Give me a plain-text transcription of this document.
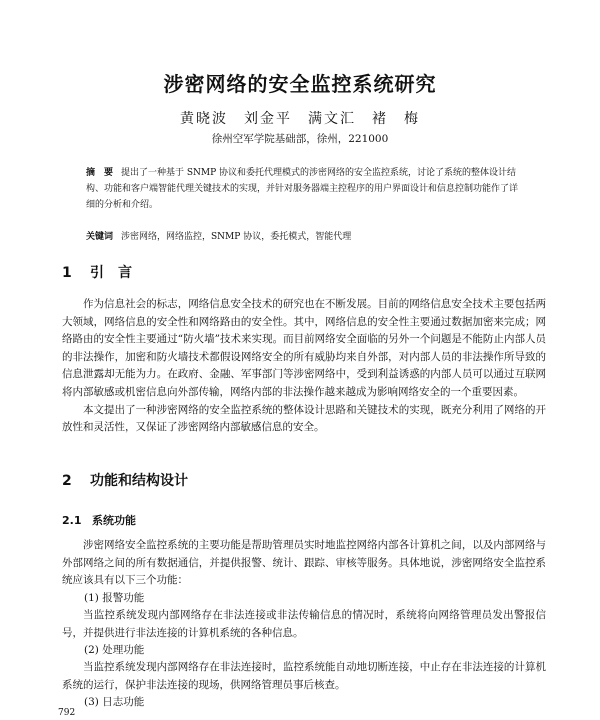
涉密网络的安全监控系统研究
黄晓波　刘金平　满文汇　褚　梅
徐州空军学院基础部，徐州，221000
摘　要 提出了一种基于 SNMP 协议和委托代理模式的涉密网络的安全监控系统，讨论了系统的整体设计结构、功能和客户端智能代理关键技术的实现，并针对服务器端主控程序的用户界面设计和信息控制功能作了详细的分析和介绍。
关键词 涉密网络，网络监控，SNMP 协议，委托模式，智能代理
1 引　言

作为信息社会的标志，网络信息安全技术的研究也在不断发展。目前的网络信息安全技术主要包括两大领域，网络信息的安全性和网络路由的安全性。其中，网络信息的安全性主要通过数据加密来完成；网络路由的安全性主要通过“防火墙”技术来实现。而目前网络安全面临的另外一个问题是不能防止内部人员的非法操作，加密和防火墙技术都假设网络安全的所有威胁均来自外部，对内部人员的非法操作所导致的信息泄露却无能为力。在政府、金融、军事部门等涉密网络中，受到利益诱惑的内部人员可以通过互联网将内部敏感或机密信息向外部传输，网络内部的非法操作越来越成为影响网络安全的一个重要因素。

本文提出了一种涉密网络的安全监控系统的整体设计思路和关键技术的实现，既充分利用了网络的开放性和灵活性，又保证了涉密网络内部敏感信息的安全。

2 功能和结构设计
2.1 系统功能

涉密网络安全监控系统的主要功能是帮助管理员实时地监控网络内部各计算机之间，以及内部网络与外部网络之间的所有数据通信，并提供报警、统计、跟踪、审核等服务。具体地说，涉密网络安全监控系统应该具有以下三个功能：

(1) 报警功能

当监控系统发现内部网络存在非法连接或非法传输信息的情况时，系统将向网络管理员发出警报信号，并提供进行非法连接的计算机系统的各种信息。

(2) 处理功能

当监控系统发现内部网络存在非法连接时，监控系统能自动地切断连接，中止存在非法连接的计算机系统的运行，保护非法连接的现场，供网络管理员事后核查。

(3) 日志功能
792
